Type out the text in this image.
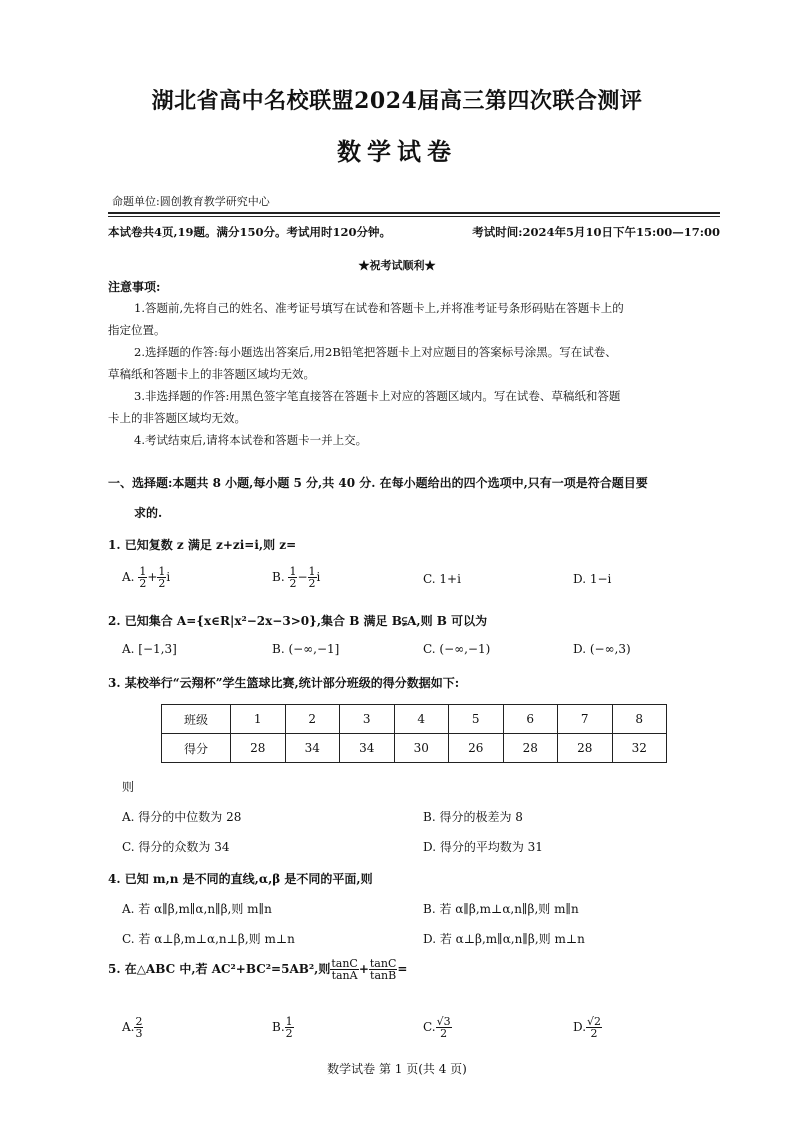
湖北省高中名校联盟2024届高三第四次联合测评
数学试卷
命题单位:圆创教育教学研究中心
本试卷共4页,19题。满分150分。考试用时120分钟。	考试时间:2024年5月10日下午15:00—17:00
★祝考试顺利★
注意事项:
1.答题前,先将自己的姓名、准考证号填写在试卷和答题卡上,并将准考证号条形码贴在答题卡上的
指定位置。
2.选择题的作答:每小题选出答案后,用2B铅笔把答题卡上对应题目的答案标号涂黑。写在试卷、
草稿纸和答题卡上的非答题区域均无效。
3.非选择题的作答:用黑色签字笔直接答在答题卡上对应的答题区域内。写在试卷、草稿纸和答题
卡上的非答题区域均无效。
4.考试结束后,请将本试卷和答题卡一并上交。
一、选择题:本题共 8 小题,每小题 5 分,共 40 分. 在每小题给出的四个选项中,只有一项是符合题目要
求的.
1. 已知复数 z 满足 z+zi=i,则 z=
A. $\frac{1}{2} + \frac{1}{2}$ i	B. $\frac{1}{2} - \frac{1}{2}$ i	C. 1+i	D. 1−i
2. 已知集合 A={x∈R|x²−2x−3>0},集合 B 满足 B⫋A,则 B 可以为
A. [−1,3]	B. (−∞,−1]	C. (−∞,−1)	D. (−∞,3)
3. 某校举行“云翔杯”学生篮球比赛,统计部分班级的得分数据如下:
班级	1	2	3	4	5	6	7	8
得分	28	34	34	30	26	28	28	32
则
A. 得分的中位数为 28	B. 得分的极差为 8
C. 得分的众数为 34	D. 得分的平均数为 31
4. 已知 m,n 是不同的直线,α,β 是不同的平面,则
A. 若 α∥β,m∥α,n∥β,则 m∥n	B. 若 α∥β,m⊥α,n∥β,则 m∥n
C. 若 α⊥β,m⊥α,n⊥β,则 m⊥n	D. 若 α⊥β,m∥α,n∥β,则 m⊥n
5. 在△ABC 中,若 AC²+BC²=5AB²,则 $\frac{\tan C}{\tan A} + \frac{\tan C}{\tan B}$ =
A. $\frac{2}{3}$	B. $\frac{1}{2}$	C. $\frac{√3}{2}$	D. $\frac{√2}{2}$
数学试卷 第 1 页(共 4 页)
